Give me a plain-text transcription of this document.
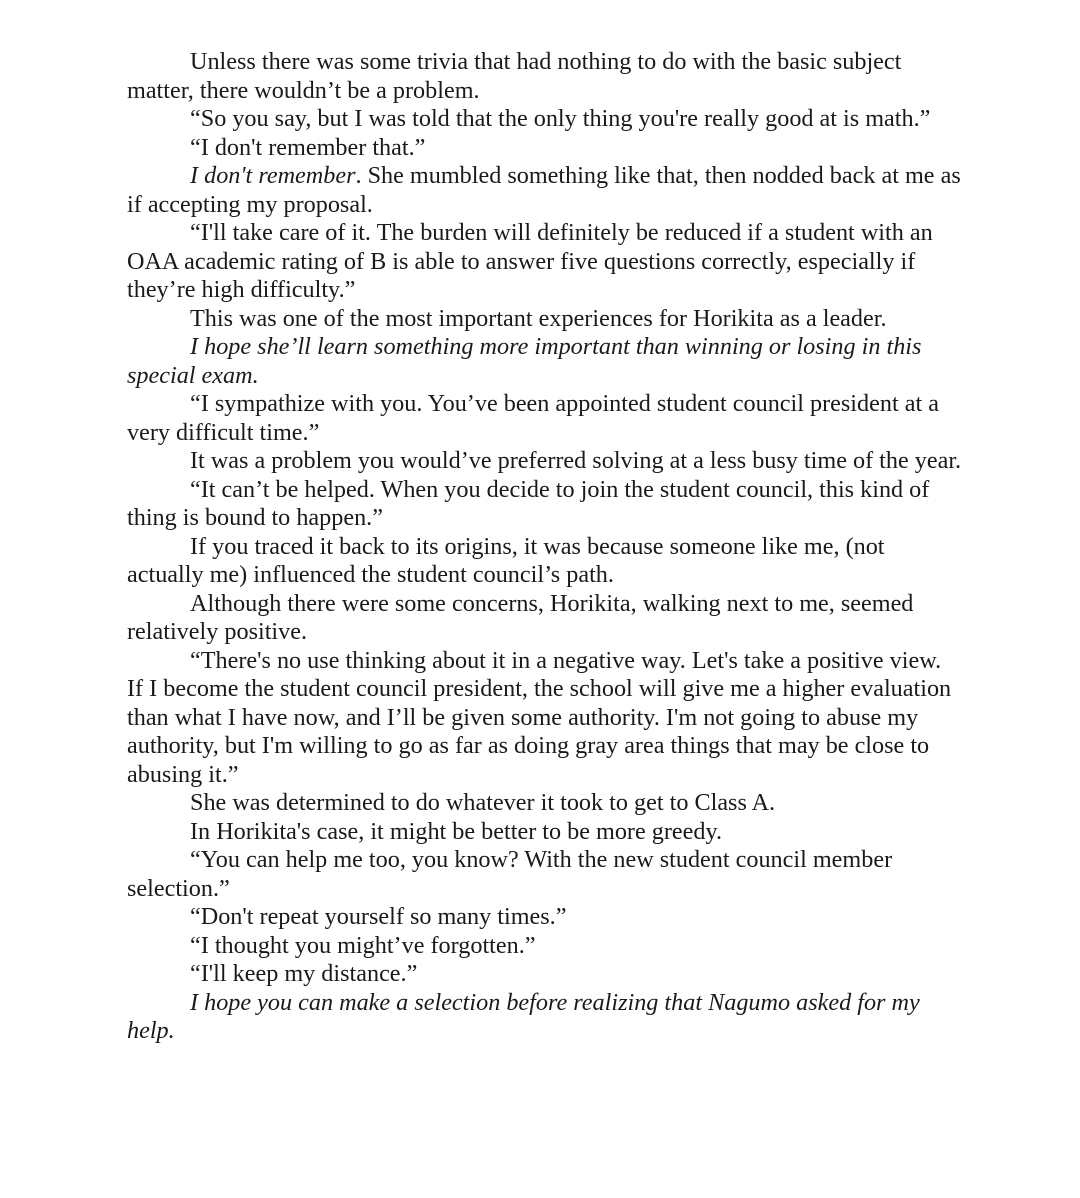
Unless there was some trivia that had nothing to do with the basic subject matter, there wouldn’t be a problem.

“So you say, but I was told that the only thing you're really good at is math.”

“I don't remember that.”

I don't remember. She mumbled something like that, then nodded back at me as if accepting my proposal.

“I'll take care of it. The burden will definitely be reduced if a student with an OAA academic rating of B is able to answer five questions correctly, especially if they’re high difficulty.”

This was one of the most important experiences for Horikita as a leader.

I hope she’ll learn something more important than winning or losing in this special exam.

“I sympathize with you. You’ve been appointed student council president at a very difficult time.”

It was a problem you would’ve preferred solving at a less busy time of the year.

“It can’t be helped. When you decide to join the student council, this kind of thing is bound to happen.”

If you traced it back to its origins, it was because someone like me, (not actually me) influenced the student council’s path.

Although there were some concerns, Horikita, walking next to me, seemed relatively positive.

“There's no use thinking about it in a negative way. Let's take a positive view. If I become the student council president, the school will give me a higher evaluation than what I have now, and I’ll be given some authority. I'm not going to abuse my authority, but I'm willing to go as far as doing gray area things that may be close to abusing it.”

She was determined to do whatever it took to get to Class A.

In Horikita's case, it might be better to be more greedy.

“You can help me too, you know? With the new student council member selection.”

“Don't repeat yourself so many times.”

“I thought you might’ve forgotten.”

“I'll keep my distance.”

I hope you can make a selection before realizing that Nagumo asked for my help.
